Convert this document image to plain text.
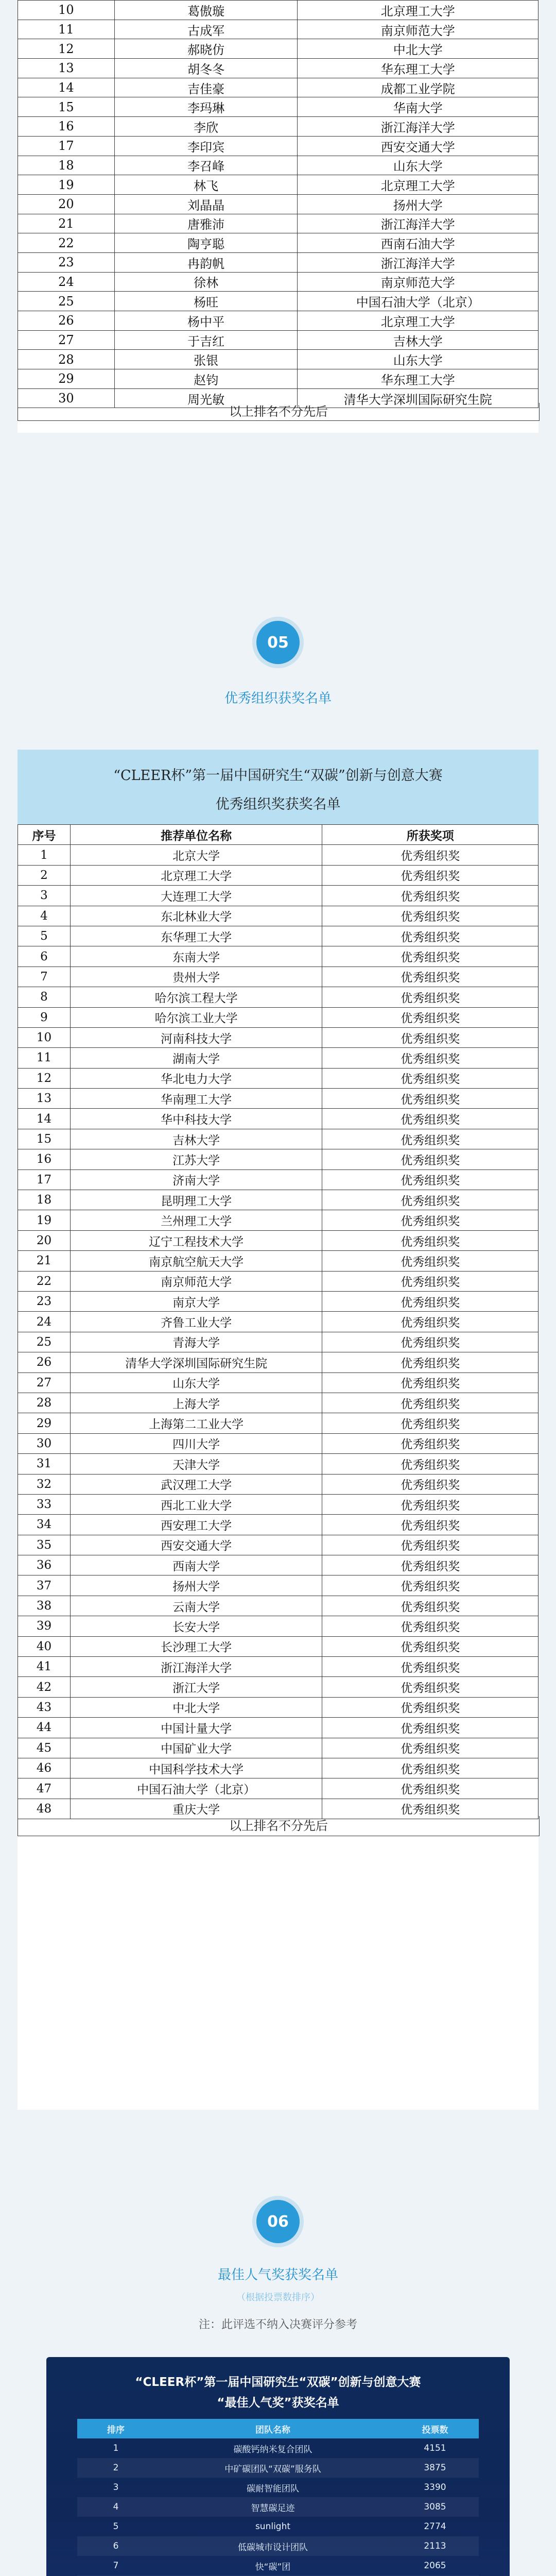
10	葛傲璇	北京理工大学
11	古成军	南京师范大学
12	郝晓仿	中北大学
13	胡冬冬	华东理工大学
14	吉佳豪	成都工业学院
15	李玛琳	华南大学
16	李欣	浙江海洋大学
17	李印宾	西安交通大学
18	李召峰	山东大学
19	林飞	北京理工大学
20	刘晶晶	扬州大学
21	唐雅沛	浙江海洋大学
22	陶亨聪	西南石油大学
23	冉韵帆	浙江海洋大学
24	徐林	南京师范大学
25	杨旺	中国石油大学（北京）
26	杨中平	北京理工大学
27	于吉红	吉林大学
28	张银	山东大学
29	赵钧	华东理工大学
30	周光敏	清华大学深圳国际研究生院
以上排名不分先后
05
优秀组织获奖名单
“CLEER杯”第一届中国研究生“双碳”创新与创意大赛
优秀组织奖获奖名单
序号	推荐单位名称	所获奖项
1	北京大学	优秀组织奖
2	北京理工大学	优秀组织奖
3	大连理工大学	优秀组织奖
4	东北林业大学	优秀组织奖
5	东华理工大学	优秀组织奖
6	东南大学	优秀组织奖
7	贵州大学	优秀组织奖
8	哈尔滨工程大学	优秀组织奖
9	哈尔滨工业大学	优秀组织奖
10	河南科技大学	优秀组织奖
11	湖南大学	优秀组织奖
12	华北电力大学	优秀组织奖
13	华南理工大学	优秀组织奖
14	华中科技大学	优秀组织奖
15	吉林大学	优秀组织奖
16	江苏大学	优秀组织奖
17	济南大学	优秀组织奖
18	昆明理工大学	优秀组织奖
19	兰州理工大学	优秀组织奖
20	辽宁工程技术大学	优秀组织奖
21	南京航空航天大学	优秀组织奖
22	南京师范大学	优秀组织奖
23	南京大学	优秀组织奖
24	齐鲁工业大学	优秀组织奖
25	青海大学	优秀组织奖
26	清华大学深圳国际研究生院	优秀组织奖
27	山东大学	优秀组织奖
28	上海大学	优秀组织奖
29	上海第二工业大学	优秀组织奖
30	四川大学	优秀组织奖
31	天津大学	优秀组织奖
32	武汉理工大学	优秀组织奖
33	西北工业大学	优秀组织奖
34	西安理工大学	优秀组织奖
35	西安交通大学	优秀组织奖
36	西南大学	优秀组织奖
37	扬州大学	优秀组织奖
38	云南大学	优秀组织奖
39	长安大学	优秀组织奖
40	长沙理工大学	优秀组织奖
41	浙江海洋大学	优秀组织奖
42	浙江大学	优秀组织奖
43	中北大学	优秀组织奖
44	中国计量大学	优秀组织奖
45	中国矿业大学	优秀组织奖
46	中国科学技术大学	优秀组织奖
47	中国石油大学（北京）	优秀组织奖
48	重庆大学	优秀组织奖
以上排名不分先后
06
最佳人气奖获奖名单
（根据投票数排序）
注：此评选不纳入决赛评分参考
“CLEER杯”第一届中国研究生“双碳”创新与创意大赛
“最佳人气奖”获奖名单
排序	团队名称	投票数
1	碳酸钙纳米复合团队	4151
2	中矿碳团队“双碳”服务队	3875
3	碳耐智能团队	3390
4	智慧碳足迹	3085
5	sunlight	2774
6	低碳城市设计团队	2113
7	快“碳”团	2065
